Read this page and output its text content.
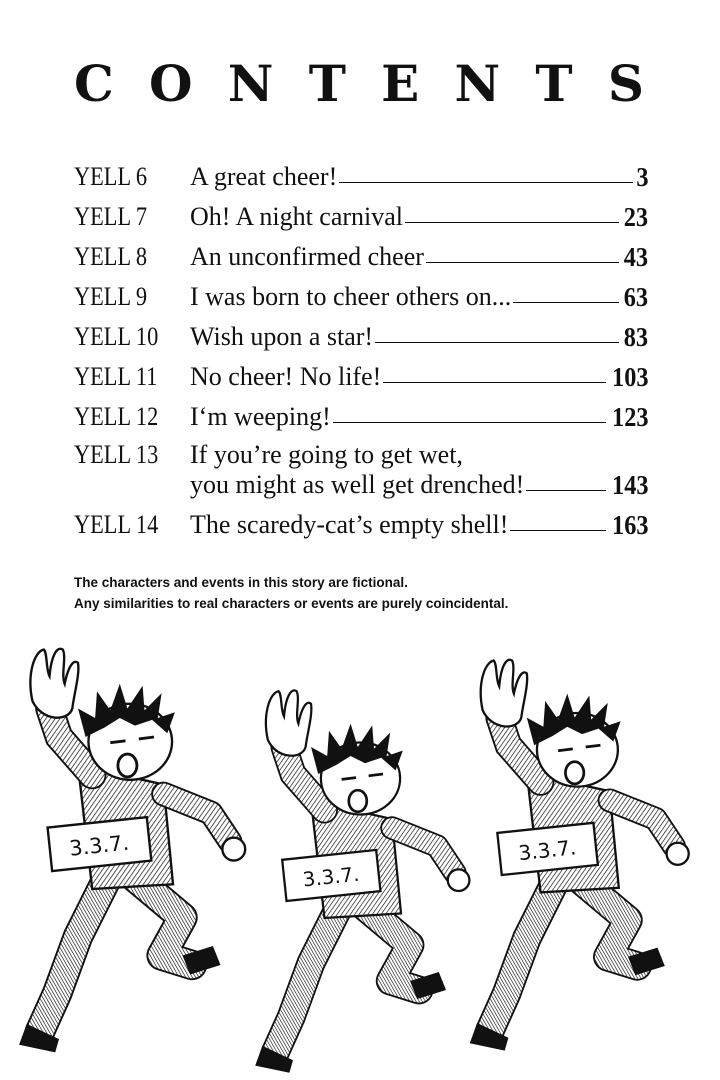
C O N T E N T S
YELL 6	A great cheer!	3
YELL 7	Oh! A night carnival	23
YELL 8	An unconfirmed cheer	43
YELL 9	I was born to cheer others on...	63
YELL 10	Wish upon a star!	83
YELL 11	No cheer! No life!	103
YELL 12	I‘m weeping!	123
YELL 13	If you’re going to get wet,
you might as well get drenched!	143
YELL 14	The scaredy-cat’s empty shell!	163
The characters and events in this story are fictional.
Any similarities to real characters or events are purely coincidental.
3.3.7.
3.3.7.
3.3.7.
